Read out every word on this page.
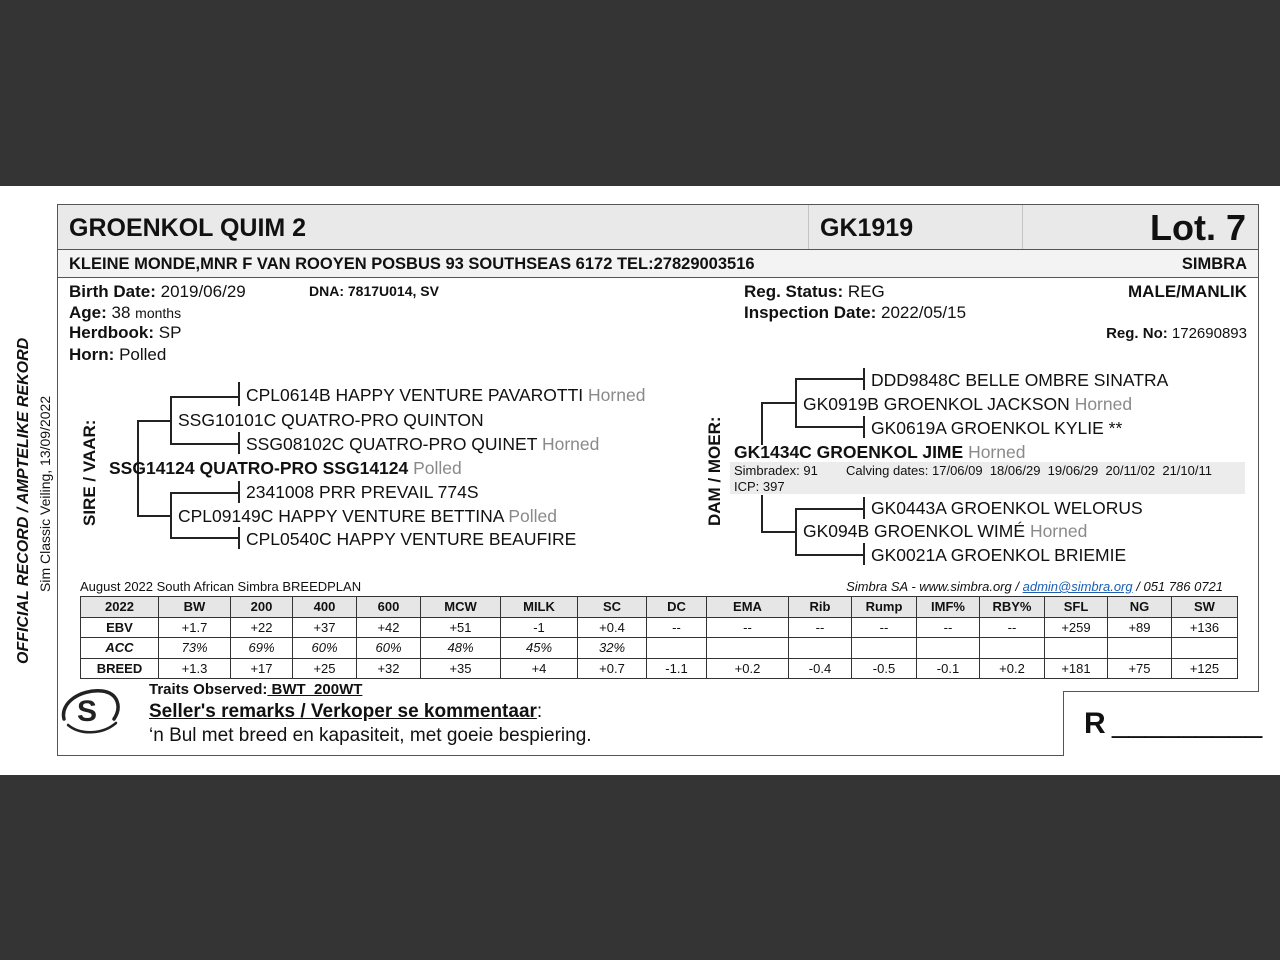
GROENKOL QUIM 2	GK1919	Lot. 7
KLEINE MONDE,MNR F VAN ROOYEN POSBUS 93 SOUTHSEAS 6172 TEL:27829003516	SIMBRA
OFFICIAL RECORD / AMPTELIKE REKORD Sim Classic Veiling, 13/09/2022
Birth Date: 2019/06/29	DNA: 7817U014, SV
Age: 38 months
Herdbook: SP
Horn: Polled
Reg. Status: REG
Inspection Date: 2022/05/15
MALE/MANLIK
Reg. No: 172690893
SIRE / VAAR:	DAM / MOER:
CPL0614B HAPPY VENTURE PAVAROTTI Horned
SSG10101C QUATRO-PRO QUINTON
SSG08102C QUATRO-PRO QUINET Horned
SSG14124 QUATRO-PRO SSG14124 Polled
2341008 PRR PREVAIL 774S
CPL09149C HAPPY VENTURE BETTINA Polled
CPL0540C HAPPY VENTURE BEAUFIRE
DDD9848C BELLE OMBRE SINATRA
GK0919B GROENKOL JACKSON Horned
GK0619A GROENKOL KYLIE **
GK1434C GROENKOL JIME Horned
Simbradex: 91 Calving dates: 17/06/09  18/06/29  19/06/29  20/11/02  21/10/11
ICP: 397
GK0443A GROENKOL WELORUS
GK094B GROENKOL WIMÉ Horned
GK0021A GROENKOL BRIEMIE
August 2022 South African Simbra BREEDPLAN	Simbra SA - www.simbra.org / admin@simbra.org / 051 786 0721
2022	BW	200	400	600	MCW	MILK	SC	DC	EMA	Rib	Rump	IMF%	RBY%	SFL	NG	SW
EBV	+1.7	+22	+37	+42	+51	-1	+0.4	--	--	--	--	--	--	+259	+89	+136
ACC	73%	69%	60%	60%	48%	45%	32%									
BREED	+1.3	+17	+25	+32	+35	+4	+0.7	-1.1	+0.2	-0.4	-0.5	-0.1	+0.2	+181	+75	+125
S
Traits Observed: BWT  200WT
Seller's remarks / Verkoper se kommentaar:
‘n Bul met breed en kapasiteit, met goeie bespiering.	R _________
